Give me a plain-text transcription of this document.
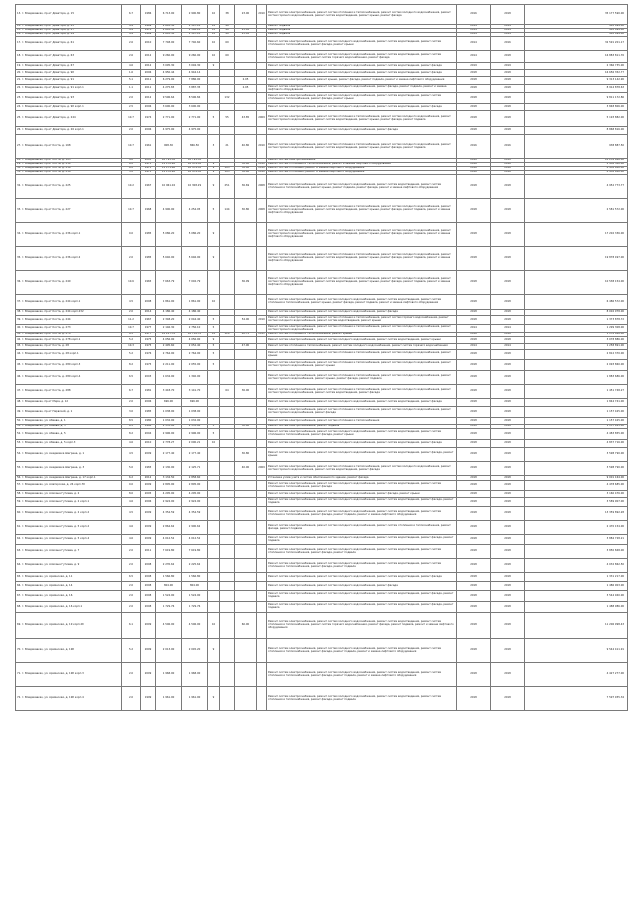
13. г. Владикавказ, пр-кт Доватора, д. 15	6.7	1986	6 713.00	2 900.80	10	38	23.00	2010	Ремонт систем электроснабжения, ремонт систем отопления и теплоснабжения, ремонт систем холодного водоснабжения, ремонт систем горячего водоснабжения, ремонт систем водоотведения, ремонт крыши, ремонт фасада	2016	2018	35 177 590.00
14. г. Владикавказ, пр-кт Доватора, д. 45	4.4	1969	2 605.50	2 597.10	12	48			Ремонт подвала	2014	2014	410 894.00
15. г. Владикавказ, пр-кт Доватора, д. 47	4.4	1970	2 605.50	2 598.10	12	48	23.02		Ремонт подвала	2014	2014	410 894.00
16. г. Владикавказ, пр-кт Доватора, д. 49	4.4	1969	2 605.50	2 597.10	12	48	23.02		Ремонт подвала	2014	2014	410 894.00
17. г. Владикавказ, пр-кт Доватора, д. 61	2.6	2010	7 748.00	7 740.60	10	69			Ремонт систем электроснабжения, ремонт систем холодного водоснабжения, ремонт систем водоотведения, ремонт систем отопления и теплоснабжения, ремонт фасада, ремонт крыши	2014	2016	32 591 201.17
18. г. Владикавказ, пр-кт Доватора, д. 63	2.6	2012	9 260.00	9 260.00	10	69			Ремонт систем электроснабжения, ремонт систем холодного водоснабжения, ремонт систем водоотведения, ремонт систем отопления и теплоснабжения, ремонт систем горячего водоснабжения, ремонт фасада	2014	2018	16 883 811.76
19. г. Владикавказ, пр-кт Доватора, д. 67	4.6	2012	3 095.30	3 094.30	9				Ремонт систем электроснабжения, ремонт систем холодного водоснабжения, ремонт систем водоотведения, ремонт фасада	2019	2019	2 366 735.00
20. г. Владикавказ, пр-кт Доватора, д. 9б	1.6	2006	4 950.44	4 944.14					Ремонт систем электроснабжения, ремонт систем холодного водоснабжения, ремонт систем водоотведения, ремонт фасада	2018	2018	16 656 352.77
21. г. Владикавказ, пр-кт Доватора, д. 91	5.1	2011	6 279.00	7 886.00			2.05		Ремонт систем электроснабжения, ремонт крыши, ремонт фасада, ремонт подвала, ремонт и замена лифтового оборудования	2018	2018	9 313 142.90
22. г. Владикавказ, пр-кт Доватора, д. 91 корп.1	1.1	2011	4 275.83	3 887.35			2.05		Ремонт систем электроснабжения, ремонт систем холодного водоснабжения, ремонт фасада, ремонт подвала, ремонт и замена лифтового оборудования	2018	2018	8 914 878.63
23. г. Владикавказ, пр-кт Доватора, д. 93	2.0	2012	9 596.64	8 596.84		132			Ремонт систем электроснабжения, ремонт систем холодного водоснабжения, ремонт систем водоотведения, ремонт систем отопления и теплоснабжения, ремонт фасада, ремонт крыши	2018	2018	9 811 172.86
24. г. Владикавказ, пр-кт Доватора, д. 9б корп.1	2.5	2006	3 600.00	3 600.00					Ремонт систем электроснабжения, ремонт систем холодного водоснабжения, ремонт систем водоотведения, ремонт фасада	2018	2018	3 848 806.00
25. г. Владикавказ, пр-кт Доватора, д. 244	10.7	1974	2 771.00	2 771.00	5	55	43.85	2009	Ремонт систем электроснабжения, ремонт систем отопления и теплоснабжения, ремонт систем холодного водоснабжения, ремонт систем горячего водоснабжения, ремонт систем водоотведения, ремонт крыши, ремонт фасада, ремонт подвала	2018	2018	5 193 882.00
26. г. Владикавказ, пр-кт Доватора, д. 26 корп.1	2.0	2006	4 975.00	4 975.00					Ремонт систем электроснабжения, ремонт систем холодного водоснабжения, ремонт фасада	2018	2018	8 868 816.00
27. г. Владикавказ, пр-кт Коста, д. 168	10.7	1961	908.30	866.50	3	21	40.80	2010	Ремонт систем электроснабжения, ремонт систем отопления и теплоснабжения, ремонт систем холодного водоснабжения, ремонт систем горячего водоснабжения, ремонт систем водоотведения, ремонт крыши, ремонт фасада, ремонт подвала	2016	2016	938 887.50
28. г. Владикавказ, пр-кт Коста, д. 183	4.0	2005	10 795.30	10 791.30					Ремонт систем электроснабжения	2018	2018	10 234 968.00
29. г. Владикавказ, пр-кт Коста, д. 214	6.2	1975	11 170.90	10 474.30	9		38.90	2010	Ремонт систем отопления и теплоснабжения, ремонт и замена лифтового оборудования	2016	2016	2 456 300.00
30. г. Владикавказ, пр-кт Коста, д. 216	6.2	1975	11 171.60	10 474.30	9	183	38.90	2010	Ремонт систем отопления, ремонт и замена лифтового оборудования	2016	2016	4 438 480.00
31. г. Владикавказ, пр-кт Коста, д. 218	5.2	1975	11 170.90	10 474.30	9	183	38.90	2010	Ремонт систем отопления, ремонт и замена лифтового оборудования	2016	2016	4 438 480.00
32. г. Владикавказ, пр-кт Коста, д. 225	10.2	1967	10 961.02	10 308.29	9	251	36.69	2008	Ремонт систем электроснабжения, ремонт систем холодного водоснабжения, ремонт систем водоотведения, ремонт систем отопления и теплоснабжения, ремонт крыши, ремонт подвала, ремонт фасада, ремонт и замена лифтового оборудования	2018	2018	4 952 773.77
33. г. Владикавказ, пр-кт Коста, д. 227	10.7	1968	4 900.00	4 254.05	5	144	30.80	2008	Ремонт систем электроснабжения, ремонт систем отопления и теплоснабжения, ремонт систем холодного водоснабжения, ремонт систем горячего водоснабжения, ремонт систем водоотведения, ремонт крыши, ремонт фасада, ремонт подвала, ремонт и замена лифтового оборудования	2018	2018	2 581 572.00
34. г. Владикавказ, пр-кт Коста, д. 236 корп.1	0.0	1985	5 086.20	5 086.20	9				Ремонт систем электроснабжения, ремонт систем отопления и теплоснабжения, ремонт систем холодного водоснабжения, ремонт систем горячего водоснабжения, ремонт систем водоотведения, ремонт крыши, ремонт фасада, ремонт подвала, ремонт и замена лифтового оборудования	2018	2018	17 202 336.00
35. г. Владикавказ, пр-кт Коста, д. 236 корп.2	2.0	1985	5 640.00	5 646.00	9				Ремонт систем электроснабжения, ремонт систем отопления и теплоснабжения, ремонт систем холодного водоснабжения, ремонт систем горячего водоснабжения, ремонт систем водоотведения, ремонт крыши, ремонт фасада, ремонт подвала, ремонт и замена лифтового оборудования	2018	2018	19 878 497.00
36. г. Владикавказ, пр-кт Коста, д. 240	10.6	1965	7 663.79	7 002.79			36.99		Ремонт систем электроснабжения, ремонт систем отопления и теплоснабжения, ремонт систем холодного водоснабжения, ремонт систем горячего водоснабжения, ремонт систем водоотведения, ремонт крыши, ремонт фасада, ремонт подвала, ремонт и замена лифтового оборудования	2018	2018	10 538 154.00
37. г. Владикавказ, пр-кт Коста, д. 244 корп.1	4.5	2008	1 861.00	1 861.00	10				Ремонт систем электроснабжения, ремонт систем холодного водоснабжения, ремонт систем водоотведения, ремонт систем отопления и теплоснабжения, ремонт крыши, ремонт фасада, ремонт подвала, ремонт и замена лифтового оборудования	2018	2018	6 486 572.00
38. г. Владикавказ, пр-кт Коста, д. 244 корп.232	2.0	2014	4 186.40	4 186.40					Ремонт систем электроснабжения, ремонт систем холодного водоснабжения, ремонт фасада	2018	2018	8 002 978.00
39. г. Владикавказ, пр-кт Коста, д. 244	11.2	1967	2 348.20	2 044.40	5		54.00	2010	Ремонт систем электроснабжения, ремонт систем отопления и теплоснабжения, ремонт систем горячего водоснабжения, ремонт систем холодного водоснабжения, ремонт систем водоотведения, ремонт крыши	2018	2018	1 373 878.72
40. г. Владикавказ, пр-кт Коста, д. 273	10.7	1977	2 146.30	2 756.10	5				Ремонт систем электроснабжения, ремонт систем отопления и теплоснабжения, ремонт систем холодного водоснабжения, ремонт систем горячего водоснабжения	2014	2014	1 299 308.00
41. г. Владикавказ, пр-кт Коста, д. 278	8.3	1977	12 217.70	10 738.70	12	124	40.72	2011	Ремонт систем отопления и теплоснабжения, ремонт крыши	2016	2016	1 178 826.00
42. г. Владикавказ, пр-кт Коста, д. 278 корп.1	5.2	1975	4 056.00	4 056.00	9				Ремонт систем электроснабжения, ремонт систем холодного водоснабжения, ремонт систем водоотведения, ремонт крыши	2018	2018	3 078 886.00
43. г. Владикавказ, пр-кт Коста, д. 28	10.3	1975	2 495.60	2 052.40	5		47.90		Ремонт систем отопления и теплоснабжения, ремонт систем холодного водоснабжения, ремонт систем горячего водоснабжения	2014	2014	1 258 891.00
44. г. Владикавказ, пр-кт Коста, д. 28 корп.1	5.2	1976	2 764.00	2 764.00	5				Ремонт систем электроснабжения, ремонт систем отопления и теплоснабжения, ремонт систем холодного водоснабжения, ремонт крыши	2018	2018	2 812 370.00
45. г. Владикавказ, пр-кт Коста, д. 280 корп.3	8.2	1975	2 211.00	2 055.00	5				Ремонт систем электроснабжения, ремонт систем отопления и теплоснабжения, ремонт систем холодного водоснабжения, ремонт систем горячего водоснабжения, ремонт крыши	2018	2018	2 093 860.00
46. г. Владикавказ, пр-кт Коста, д. 280 корп.4	6.5	2003	1 634.00	1 340.00					Ремонт систем электроснабжения, ремонт систем отопления и теплоснабжения, ремонт систем холодного водоснабжения, ремонт систем горячего водоснабжения, ремонт крыши, ремонт фасада, ремонт подвала	2018	2018	1 883 686.00
47. г. Владикавказ, пр-кт Коста, д. 288	6.7	1981	3 418.70	3 141.70		64	36.00		Ремонт систем электроснабжения, ремонт систем отопления и теплоснабжения, ремонт систем холодного водоснабжения, ремонт систем горячего водоснабжения, ремонт систем водоотведения, ремонт фасада	2018	2018	1 451 748.27
48. г. Владикавказ, пр-кт Мира, д. 12	2.0	2006	696.00	696.00					Ремонт систем электроснабжения, ремонт систем холодного водоснабжения, ремонт систем водоотведения, ремонт фасада	2018	2018	1 844 741.00
49. г. Владикавказ, пр-кт Нарвский, д. 1	3.0	1985	1 038.00	1 038.00					Ремонт систем электроснабжения, ремонт систем отопления и теплоснабжения, ремонт систем холодного водоснабжения, ремонт систем горячего водоснабжения, ремонт фасада	2018	2018	1 157 425.00
50. г. Владикавказ, ул. Абаева, д. 1	8.5	1980	1 032.00	1 032.00					Ремонт систем электроснабжения, ремонт систем отопления и теплоснабжения	2018	2018	1 157 425.00
51. г. Владикавказ, ул. Абаева, д. 3	6.5	1984	2 533.00	2 533.00	5		30.90		Ремонт систем электроснабжения, ремонт подвала	2018	2018	1 157 425.00
52. г. Владикавказ, ул. Абаева, д. 5	8.2	2004	2 996.00	2 996.00	5				Ремонт систем электроснабжения, ремонт систем холодного водоснабжения, ремонт систем водоотведения, ремонт систем отопления и теплоснабжения, ремонт фасада, ремонт крыши	2018	2018	4 483 855.00
53. г. Владикавказ, ул. Абаева, д. 5 корп.3	4.6	2010	2 778.27	2 000.21	10				Ремонт систем электроснабжения, ремонт систем холодного водоснабжения, ремонт систем водоотведения, ремонт фасада	2018	2018	4 837 716.00
54. г. Владикавказ, ул. Академика Шегрена, д. 1	4.5	2009	2 177.40	2 177.40			30.80		Ремонт систем электроснабжения, ремонт систем холодного водоснабжения, ремонт систем водоотведения, ремонт фасада, ремонт крыши	2018	2018	3 598 790.00
55. г. Владикавказ, ул. Академика Шегрена, д. 3	5.0	1983	2 130.00	2 125.71			40.00	2009	Ремонт систем электроснабжения, ремонт систем отопления и теплоснабжения, ремонт систем холодного водоснабжения, ремонт систем горячего водоснабжения, ремонт систем водоотведения, ремонт фасада	2018	2018	3 598 790.00
56. г. Владикавказ, ул. Академика Шегрена, д. 17 корп.1	6.2	2012	3 134.50	2 858.60					Установка узлов учета и систем обеспечения по зданию, ремонт фасада	2018	2018	9 001 164.00
57. г. Владикавказ, ул. Алагирская, д. 24 корп.7б	0.0	2009	2 805.00	2 805.00					Ремонт систем электроснабжения, ремонт систем холодного водоснабжения, ремонт систем водоотведения, ремонт систем отопления и теплоснабжения, ремонт фасада	2018	2018	4 478 685.00
58. г. Владикавказ, ул. Алихана Гутиева, д. 2	8.0	2005	4 205.00	4 205.00					Ремонт систем электроснабжения, ремонт систем холодного водоснабжения, ремонт фасада, ремонт крыши	2018	2018	3 160 476.00
59. г. Владикавказ, ул. Алихана Гутиева, д. 2 корп.1	4.6	2006	2 924.00	2 924.00					Ремонт систем электроснабжения, ремонт систем холодного водоснабжения, ремонт систем водоотведения, ремонт фасада, ремонт подвала	2018	2018	3 589 907.00
60. г. Владикавказ, ул. Алихана Гутиева, д. 2 корп.2	4.5	2009	4 354.59	4 354.59					Ремонт систем электроснабжения, ремонт систем холодного водоснабжения, ремонт систем водоотведения, ремонт систем отопления и теплоснабжения, ремонт фасада, ремонт подвала, ремонт и замена лифтового оборудования	2018	2018	13 359 892.28
61. г. Владикавказ, ул. Алихана Гутиева, д. 5 корп.2	4.6	2009	2 864.62	2 900.62					Ремонт систем электроснабжения, ремонт систем холодного водоснабжения, ремонт систем отопления и теплоснабжения, ремонт фасада, ремонт подвала	2018	2018	2 470 154.00
62. г. Владикавказ, ул. Алихана Гутиева, д. 5 корп.4	4.6	2009	4 012.52	4 012.52					Ремонт систем электроснабжения, ремонт систем холодного водоснабжения, ремонт систем водоотведения, ремонт фасада, ремонт подвала	2018	2018	3 884 728.21
63. г. Владикавказ, ул. Алихана Гутиева, д. 7	2.0	2011	7 619.80	7 619.80					Ремонт систем электроснабжения, ремонт систем холодного водоснабжения, ремонт систем водоотведения, ремонт систем отопления и теплоснабжения, ремонт фасада, ремонт подвала	2018	2018	3 850 848.00
64. г. Владикавказ, ул. Алихана Гутиева, д. 9	2.0	2008	2 235.62	2 225.62					Ремонт систем электроснабжения, ремонт систем холодного водоснабжения, ремонт систем водоотведения, ремонт систем отопления и теплоснабжения, ремонт фасада, ремонт подвала	2018	2018	4 032 862.50
65. г. Владикавказ, ул. Армянская, д. 11	6.5	2008	1 566.80	1 566.80					Ремонт систем электроснабжения, ремонт систем холодного водоснабжения, ремонт систем водоотведения, ремонт фасада	2018	2018	1 331 217.00
66. г. Владикавказ, ул. Армянская, д. 14	2.0	2008	804.00	804.00					Ремонт систем электроснабжения, ремонт систем холодного водоснабжения, ремонт фасада	2018	2018	1 486 903.00
67. г. Владикавказ, ул. Армянская, д. 16	2.0	2008	1 524.00	1 524.00					Ремонт систем электроснабжения, ремонт систем холодного водоснабжения, ремонт систем водоотведения, ремонт фасада, ремонт подвала	2018	2018	3 544 940.00
68. г. Владикавказ, ул. Армянская, д. 16 корп.1	2.0	2008	1 729.76	1 729.76					Ремонт систем электроснабжения, ремонт систем холодного водоснабжения, ремонт систем водоотведения, ремонт фасада, ремонт подвала	2018	2018	1 488 986.00
69. г. Владикавказ, ул. Армянская, д. 19 корп.2б	6.1	2009	4 506.00	4 506.00	10		60.00		Ремонт систем электроснабжения, ремонт систем холодного водоснабжения, ремонт систем водоотведения, ремонт систем отопления и теплоснабжения, ремонт систем горячего водоснабжения, ремонт фасада, ремонт подвала, ремонт и замена лифтового оборудования	2018	2018	11 206 998.43
70. г. Владикавказ, ул. Армянская, д. 19б	5.2	2009	2 013.00	2 045.20	9				Ремонт систем электроснабжения, ремонт систем холодного водоснабжения, ремонт систем водоотведения, ремонт систем отопления и теплоснабжения, ремонт фасада, ремонт подвала, ремонт и замена лифтового оборудования	2018	2018	9 544 411.91
71. г. Владикавказ, ул. Армянская, д. 19б корп.3	2.0	2009	1 968.00	1 968.00					Ремонт систем электроснабжения, ремонт систем холодного водоснабжения, ремонт систем водоотведения, ремонт систем отопления и теплоснабжения, ремонт фасада, ремонт подвала, ремонт и замена лифтового оборудования	2018	2018	4 427 277.00
72. г. Владикавказ, ул. Армянская, д. 19б корп.4	2.0	1999	1 961.00	1 961.00	9				Ремонт систем электроснабжения, ремонт систем холодного водоснабжения, ремонт систем водоотведения, ремонт систем отопления и теплоснабжения, ремонт фасада, ремонт подвала	2018	2018	7 597 935.34
